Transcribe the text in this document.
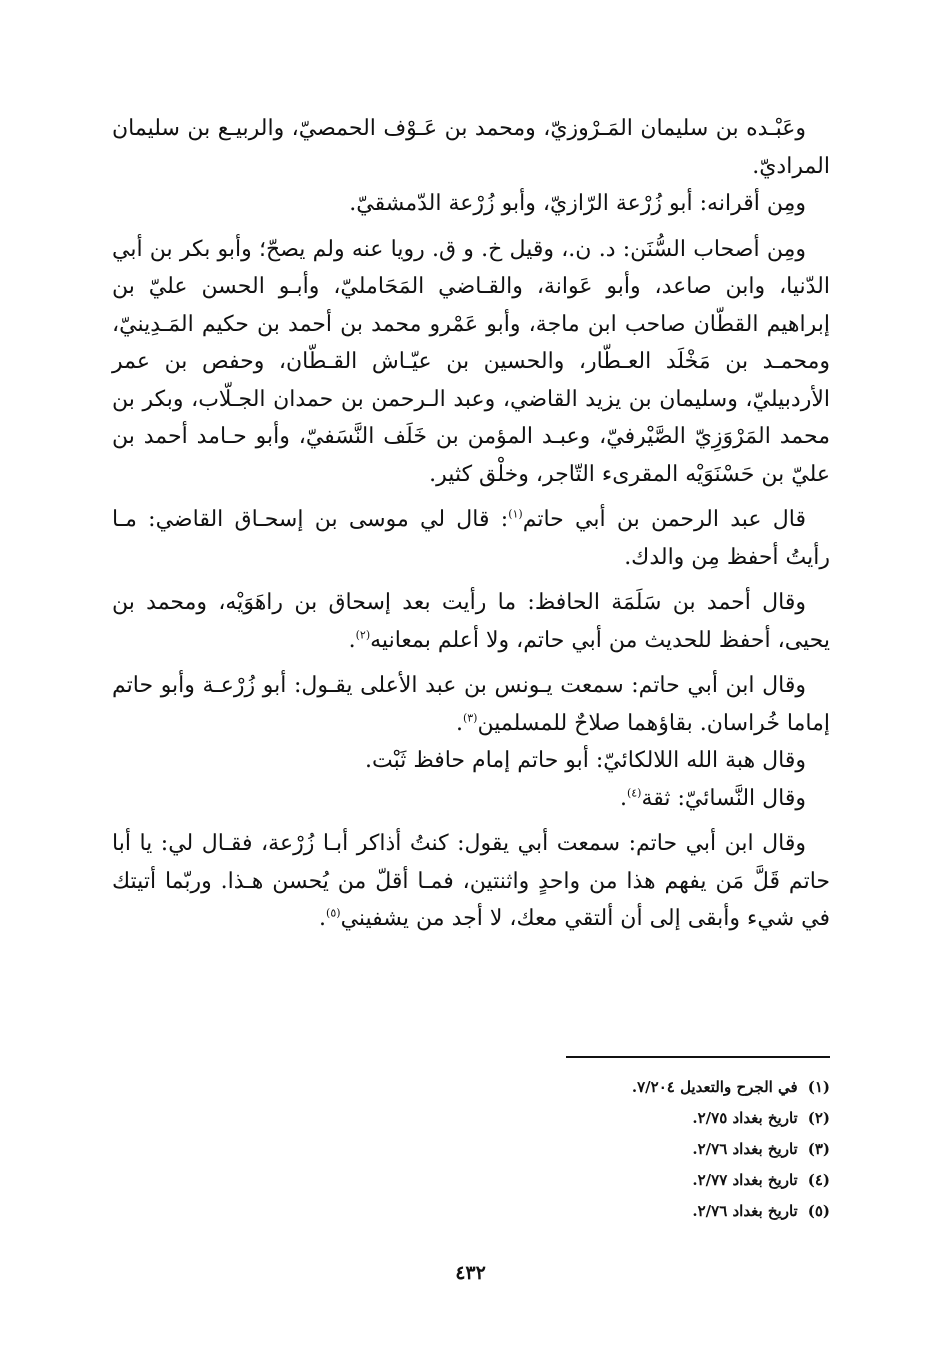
وعَبْـده بن سليمان المَـرْوزيّ، ومحمد بن عَـوْف الحمصيّ، والربيـع بن سليمان المراديّ.

ومِن أقرانه: أبو زُرْعة الرّازيّ، وأبو زُرْعة الدّمشقيّ.

ومِن أصحاب السُّنَن: د. ن.، وقيل خ. و ق. رويا عنه ولم يصحّ؛ وأبو بكر بن أبي الدّنيا، وابن صاعد، وأبو عَوانة، والقـاضي المَحَامليّ، وأبـو الحسن عليّ بن إبراهيم القطّان صاحب ابن ماجة، وأبو عَمْرو محمد بن أحمد بن حكيم المَـدِينيّ، ومحمـد بن مَخْلَد العـطّار، والحسين بن عيّـاش القـطّان، وحفص بن عمر الأردبيليّ، وسليمان بن يزيد القاضي، وعبد الـرحمن بن حمدان الجـلّاب، وبكر بن محمد المَرْوَزِيّ الصَّيْرفيّ، وعبـد المؤمن بن خَلَف النَّسَفيّ، وأبو حـامد أحمد بن عليّ بن حَسْنَوَيْه المقرىء التّاجر، وخلْق كثير.

قال عبد الرحمن بن أبي حاتم$^{(١)}$: قال لي موسى بن إسحـاق القاضي: مـا رأيتُ أحفظ مِن والدك.

وقال أحمد بن سَلَمَة الحافظ: ما رأيت بعد إسحاق بن راهَوَيْه، ومحمد بن يحيى، أحفظ للحديث من أبي حاتم، ولا أعلم بمعانيه$^{(٢)}$.

وقال ابن أبي حاتم: سمعت يـونس بن عبد الأعلى يقـول: أبو زُرْعـة وأبو حاتم إماما خُراسان. بقاؤهما صلاحٌ للمسلمين$^{(٣)}$.

وقال هبة الله اللالكائيّ: أبو حاتم إمام حافظ ثَبْت.

وقال النَّسائيّ: ثقة$^{(٤)}$.

وقال ابن أبي حاتم: سمعت أبي يقول: كنتُ أذاكر أبـا زُرْعة، فقـال لي: يا أبا حاتم قَلَّ مَن يفهم هذا من واحدٍ واثنتين، فمـا أقلّ من يُحسن هـذا. وربّما أتيتك في شيء وأبقى إلى أن ألتقي معك، لا أجد من يشفيني$^{(٥)}$.

(١)في الجرح والتعديل ٧/٢٠٤.
(٢)تاريخ بغداد ٢/٧٥.
(٣)تاريخ بغداد ٢/٧٦.
(٤)تاريخ بغداد ٢/٧٧.
(٥)تاريخ بغداد ٢/٧٦.
٤٣٢
